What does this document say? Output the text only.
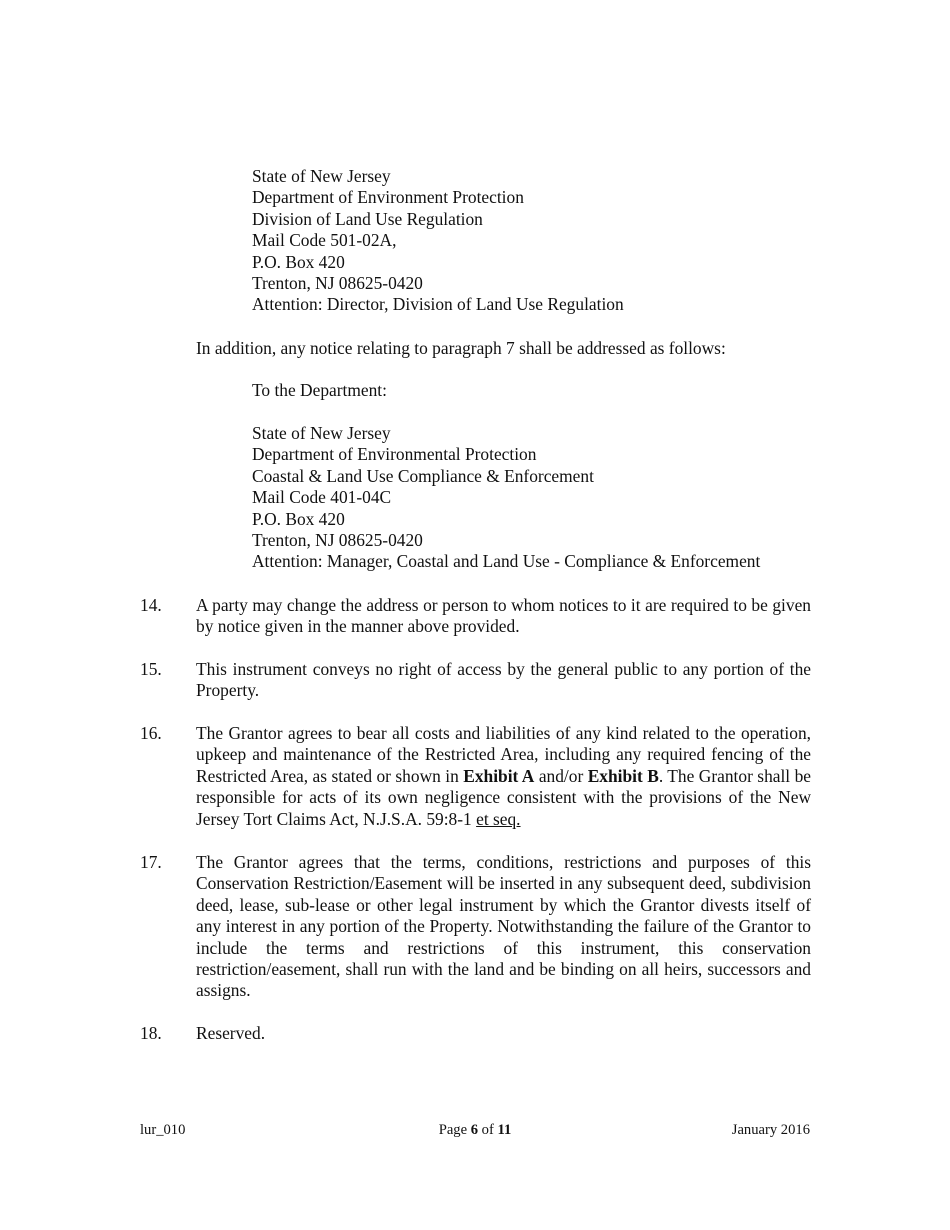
State of New Jersey
Department of Environment Protection
Division of Land Use Regulation
Mail Code 501-02A,
P.O. Box 420
Trenton, NJ 08625-0420
Attention: Director, Division of Land Use Regulation
In addition, any notice relating to paragraph 7 shall be addressed as follows:
To the Department:
State of New Jersey
Department of Environmental Protection
Coastal & Land Use Compliance & Enforcement
Mail Code 401-04C
P.O. Box 420
Trenton, NJ 08625-0420
Attention: Manager, Coastal and Land Use - Compliance & Enforcement
14. A party may change the address or person to whom notices to it are required to be given by notice given in the manner above provided.
15. This instrument conveys no right of access by the general public to any portion of the Property.
16. The Grantor agrees to bear all costs and liabilities of any kind related to the operation, upkeep and maintenance of the Restricted Area, including any required fencing of the Restricted Area, as stated or shown in Exhibit A and/or Exhibit B. The Grantor shall be responsible for acts of its own negligence consistent with the provisions of the New Jersey Tort Claims Act, N.J.S.A. 59:8-1 et seq.
17. The Grantor agrees that the terms, conditions, restrictions and purposes of this Conservation Restriction/Easement will be inserted in any subsequent deed, subdivision deed, lease, sub-lease or other legal instrument by which the Grantor divests itself of any interest in any portion of the Property. Notwithstanding the failure of the Grantor to include the terms and restrictions of this instrument, this conservation restriction/easement, shall run with the land and be binding on all heirs, successors and assigns.
18. Reserved.
lur_010	Page 6 of 11	January 2016
